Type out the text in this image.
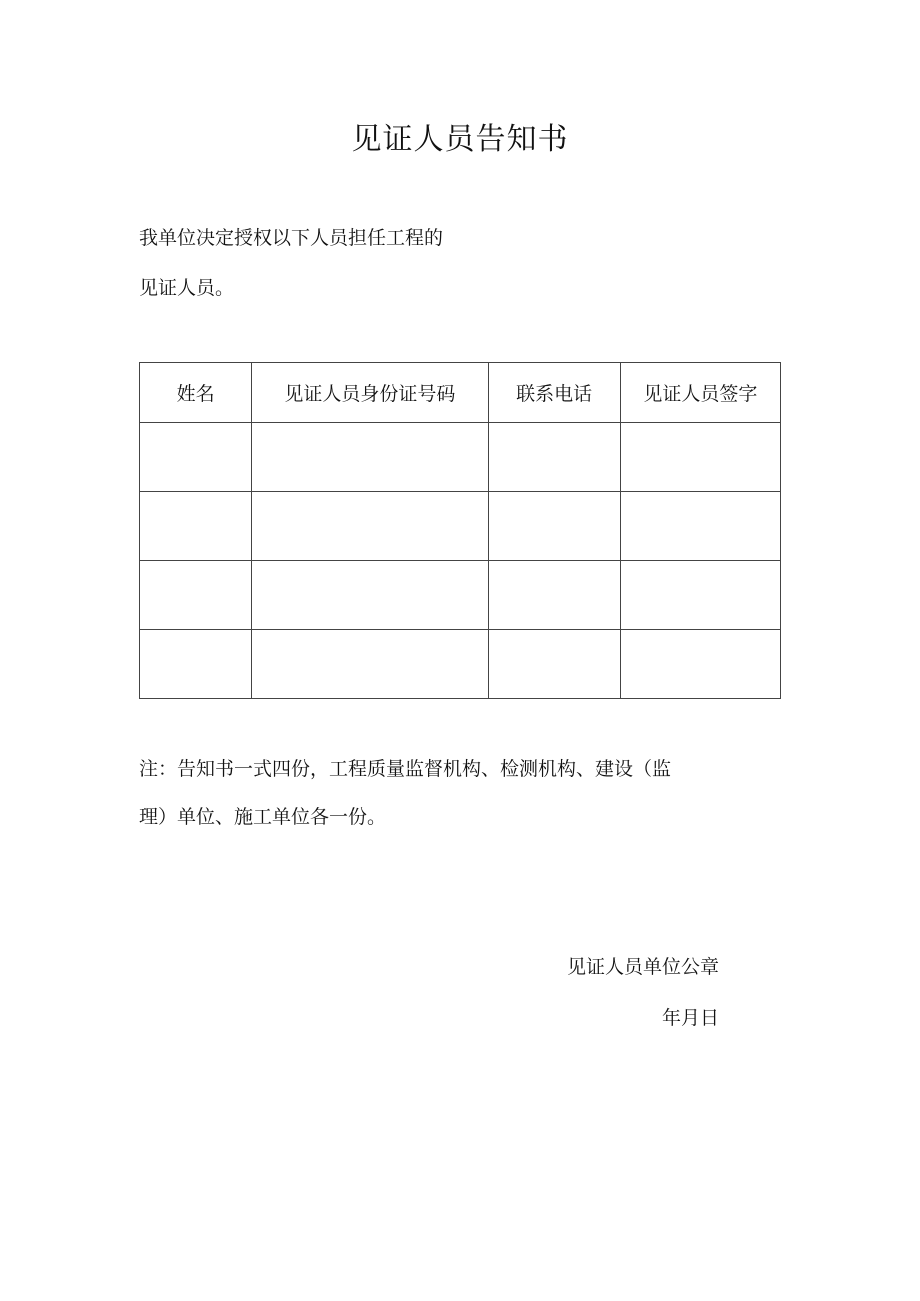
见证人员告知书
我单位决定授权以下人员担任工程的
见证人员。
姓名	见证人员身份证号码	联系电话	见证人员签字

注：告知书一式四份，工程质量监督机构、检测机构、建设（监
理）单位、施工单位各一份。
见证人员单位公章
年月日
